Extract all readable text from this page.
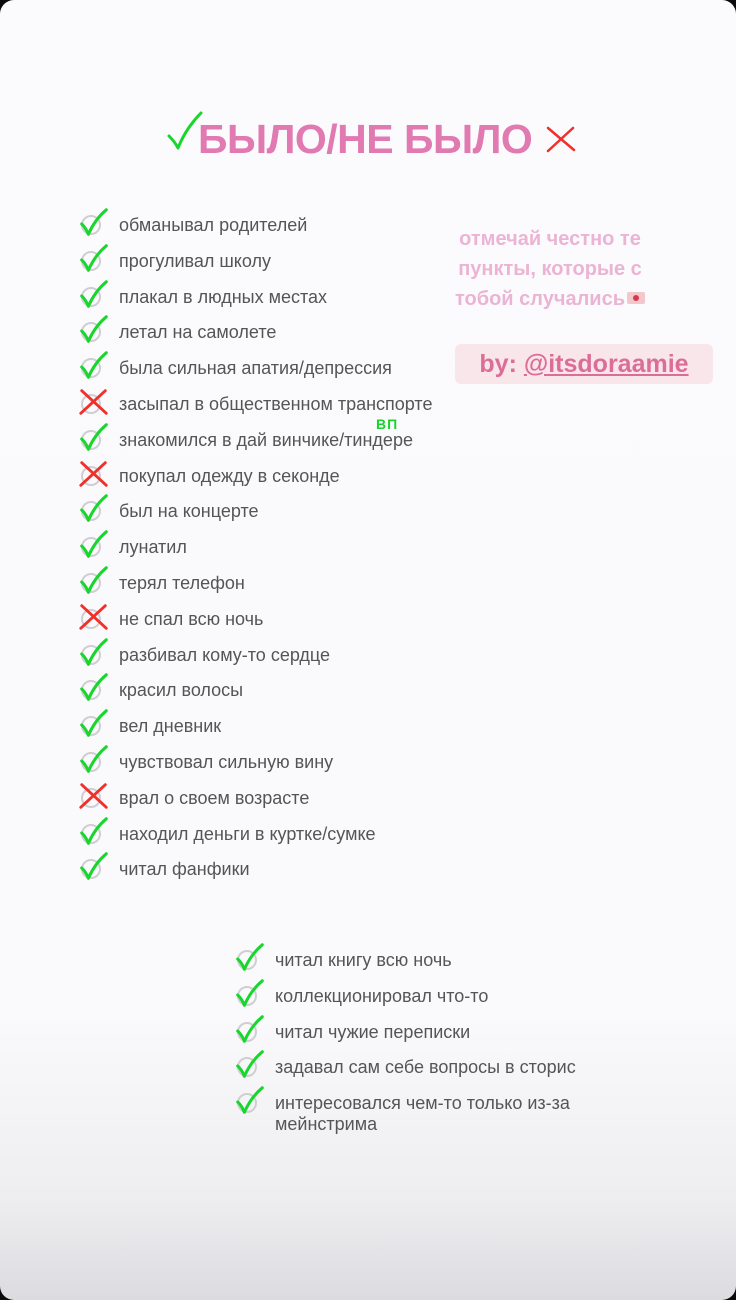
БЫЛО/НЕ БЫЛО
отмечай честно те пункты, которые с тобой случались
by: @itsdoraamie
обманывал родителей
прогуливал школу
плакал в людных местах
летал на самолете
была сильная апатия/депрессия
засыпал в общественном транспорте
знакомился в дай винчике/тиндере
покупал одежду в секонде
был на концерте
лунатил
терял телефон
не спал всю ночь
разбивал кому-то сердце
красил волосы
вел дневник
чувствовал сильную вину
врал о своем возрасте
находил деньги в куртке/сумке
читал фанфики
читал книгу всю ночь
коллекционировал что-то
читал чужие переписки
задавал сам себе вопросы в сторис
интересовался чем-то только из-за мейнстрима
ВП
